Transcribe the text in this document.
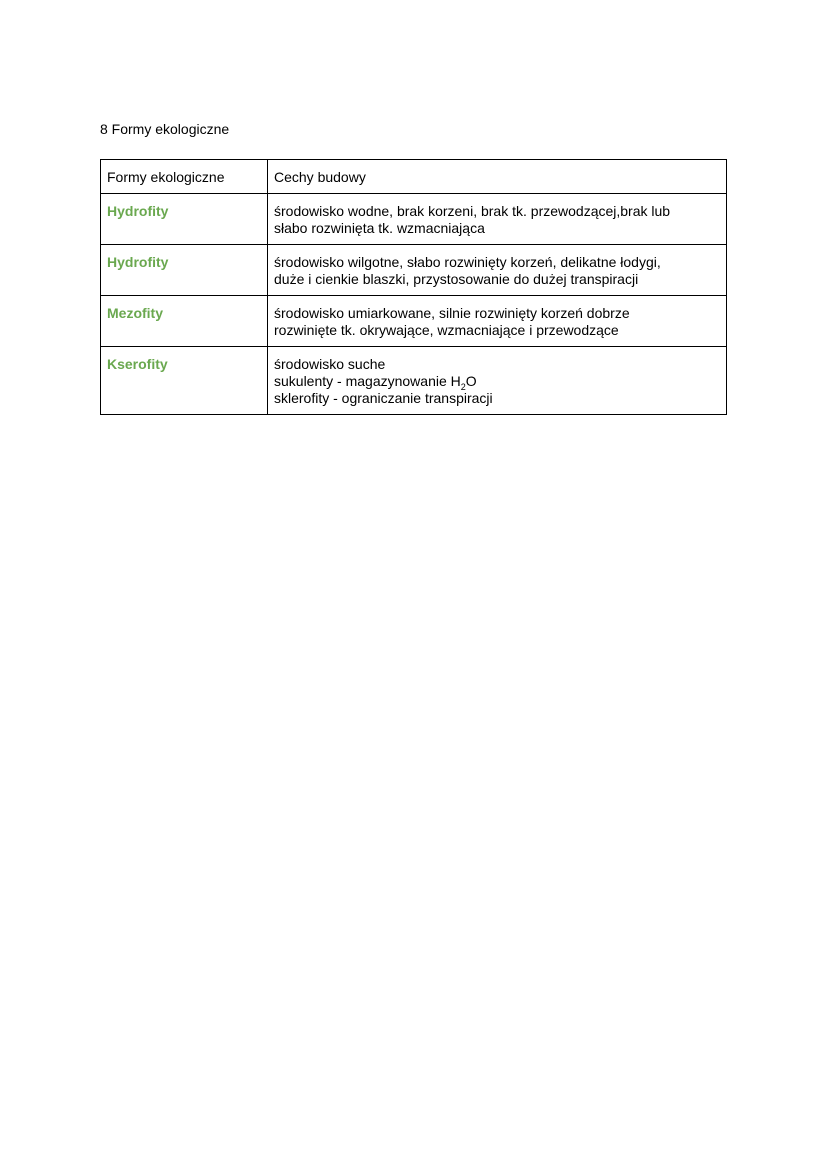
8 Formy ekologiczne
Formy ekologiczne	Cechy budowy
Hydrofity	środowisko wodne, brak korzeni, brak tk. przewodzącej,brak lub
słabo rozwinięta tk. wzmacniająca

Hydrofity	środowisko wilgotne, słabo rozwinięty korzeń, delikatne łodygi,
duże i cienkie blaszki, przystosowanie do dużej transpiracji

Mezofity	środowisko umiarkowane, silnie rozwinięty korzeń dobrze
rozwinięte tk. okrywające, wzmacniające i przewodzące

Kserofity	środowisko suche
sukulenty - magazynowanie $H_2O$
sklerofity - ograniczanie transpiracji
